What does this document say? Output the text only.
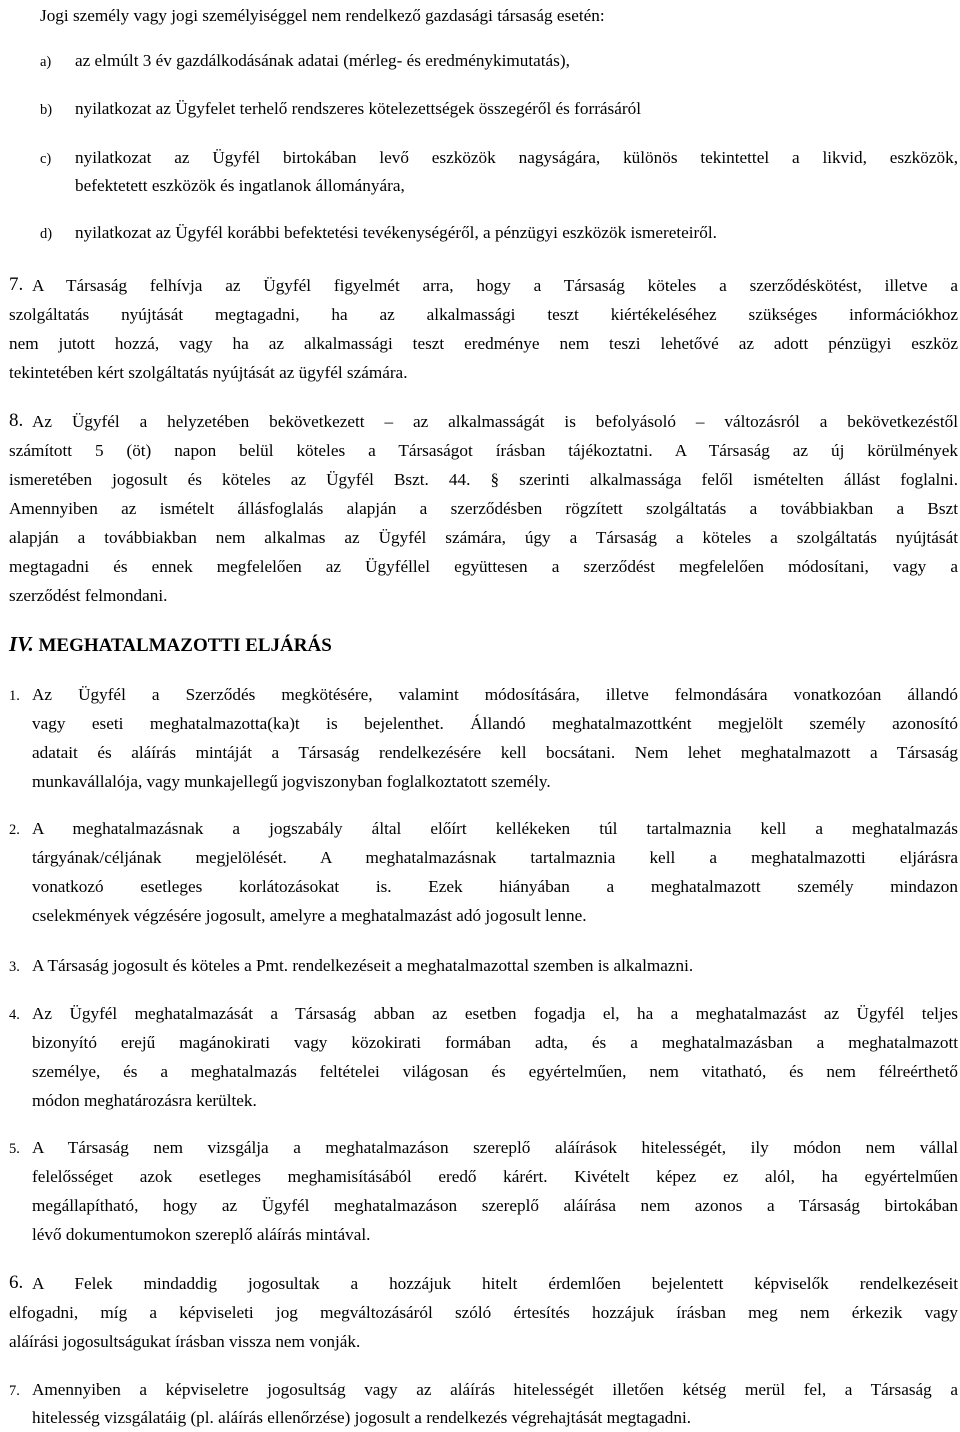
Jogi személy vagy jogi személyiséggel nem rendelkező gazdasági társaság esetén:
a) az elmúlt 3 év gazdálkodásának adatai (mérleg- és eredménykimutatás),
b) nyilatkozat az Ügyfelet terhelő rendszeres kötelezettségek összegéről és forrásáról
c) nyilatkozat az Ügyfél birtokában levő eszközök nagyságára, különös tekintettel a likvid, eszközök,
befektetett eszközök és ingatlanok állományára,
d) nyilatkozat az Ügyfél korábbi befektetési tevékenységéről, a pénzügyi eszközök ismereteiről.
7. A Társaság felhívja az Ügyfél figyelmét arra, hogy a Társaság köteles a szerződéskötést, illetve a
szolgáltatás nyújtását megtagadni, ha az alkalmassági teszt kiértékeléséhez szükséges információkhoz
nem jutott hozzá, vagy ha az alkalmassági teszt eredménye nem teszi lehetővé az adott pénzügyi eszköz
tekintetében kért szolgáltatás nyújtását az ügyfél számára.
8. Az Ügyfél a helyzetében bekövetkezett – az alkalmasságát is befolyásoló – változásról a bekövetkezéstől
számított 5 (öt) napon belül köteles a Társaságot írásban tájékoztatni. A Társaság az új körülmények
ismeretében jogosult és köteles az Ügyfél Bszt. 44. § szerinti alkalmassága felől ismételten állást foglalni.
Amennyiben az ismételt állásfoglalás alapján a szerződésben rögzített szolgáltatás a továbbiakban a Bszt
alapján a továbbiakban nem alkalmas az Ügyfél számára, úgy a Társaság a köteles a szolgáltatás nyújtását
megtagadni és ennek megfelelően az Ügyféllel együttesen a szerződést megfelelően módosítani, vagy a
szerződést felmondani.
IV. MEGHATALMAZOTTI ELJÁRÁS
1. Az Ügyfél a Szerződés megkötésére, valamint módosítására, illetve felmondására vonatkozóan állandó
vagy eseti meghatalmazotta(ka)t is bejelenthet. Állandó meghatalmazottként megjelölt személy azonosító
adatait és aláírás mintáját a Társaság rendelkezésére kell bocsátani. Nem lehet meghatalmazott a Társaság
munkavállalója, vagy munkajellegű jogviszonyban foglalkoztatott személy.
2. A meghatalmazásnak a jogszabály által előírt kellékeken túl tartalmaznia kell a meghatalmazás
tárgyának/céljának megjelölését. A meghatalmazásnak tartalmaznia kell a meghatalmazotti eljárásra
vonatkozó esetleges korlátozásokat is. Ezek hiányában a meghatalmazott személy mindazon
cselekmények végzésére jogosult, amelyre a meghatalmazást adó jogosult lenne.
3. A Társaság jogosult és köteles a Pmt. rendelkezéseit a meghatalmazottal szemben is alkalmazni.
4. Az Ügyfél meghatalmazását a Társaság abban az esetben fogadja el, ha a meghatalmazást az Ügyfél teljes
bizonyító erejű magánokirati vagy közokirati formában adta, és a meghatalmazásban a meghatalmazott
személye, és a meghatalmazás feltételei világosan és egyértelműen, nem vitatható, és nem félreérthető
módon meghatározásra kerültek.
5. A Társaság nem vizsgálja a meghatalmazáson szereplő aláírások hitelességét, ily módon nem vállal
felelősséget azok esetleges meghamisításából eredő kárért. Kivételt képez ez alól, ha egyértelműen
megállapítható, hogy az Ügyfél meghatalmazáson szereplő aláírása nem azonos a Társaság birtokában
lévő dokumentumokon szereplő aláírás mintával.
6. A Felek mindaddig jogosultak a hozzájuk hitelt érdemlően bejelentett képviselők rendelkezéseit
elfogadni, míg a képviseleti jog megváltozásáról szóló értesítés hozzájuk írásban meg nem érkezik vagy
aláírási jogosultságukat írásban vissza nem vonják.
7. Amennyiben a képviseletre jogosultság vagy az aláírás hitelességét illetően kétség merül fel, a Társaság a
hitelesség vizsgálatáig (pl. aláírás ellenőrzése) jogosult a rendelkezés végrehajtását megtagadni.
